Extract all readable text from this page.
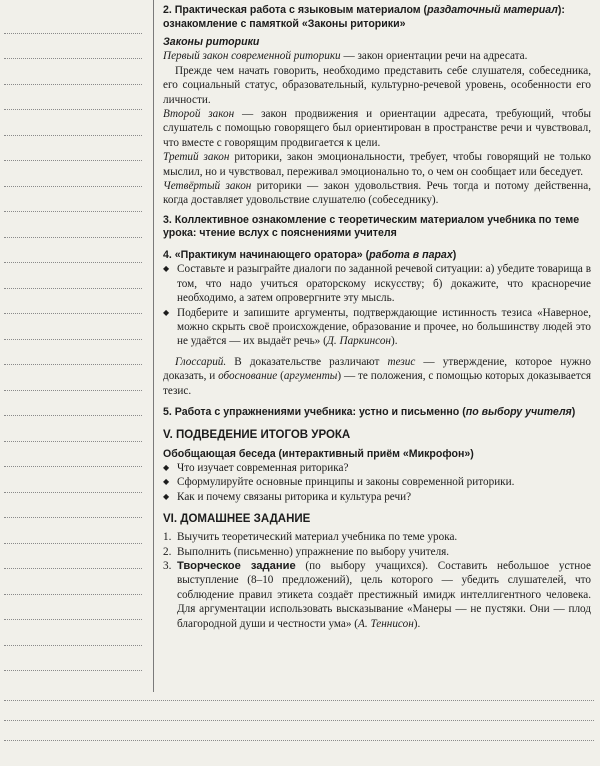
2. Практическая работа с языковым материалом (раздаточный материал): ознакомление с памяткой «Законы риторики»
Законы риторики

Первый закон современной риторики — закон ориентации речи на адресата.

Прежде чем начать говорить, необходимо представить себе слушателя, собеседника, его социальный статус, образовательный, культурно-речевой уровень, особенности его личности.

Второй закон — закон продвижения и ориентации адресата, требующий, чтобы слушатель с помощью говорящего был ориентирован в пространстве речи и чувствовал, что вместе с говорящим продвигается к цели.

Третий закон риторики, закон эмоциональности, требует, чтобы говорящий не только мыслил, но и чувствовал, переживал эмоционально то, о чем он сообщает или беседует.

Четвёртый закон риторики — закон удовольствия. Речь тогда и потому действенна, когда доставляет удовольствие слушателю (собеседнику).

3. Коллективное ознакомление с теоретическим материалом учебника по теме урока: чтение вслух с пояснениями учителя
4. «Практикум начинающего оратора» (работа в парах)
◆ Составьте и разыграйте диалоги по заданной речевой ситуации: а) убедите товарища в том, что надо учиться ораторскому искусству; б) докажите, что красноречие необходимо, а затем опровергните эту мысль.
◆ Подберите и запишите аргументы, подтверждающие истинность тезиса «Наверное, можно скрыть своё происхождение, образование и прочее, но большинству людей это не удаётся — их выдаёт речь» (Д. Паркинсон).

Глоссарий. В доказательстве различают тезис — утверждение, которое нужно доказать, и обоснование (аргументы) — те положения, с помощью которых доказывается тезис.

5. Работа с упражнениями учебника: устно и письменно (по выбору учителя)
V. ПОДВЕДЕНИЕ ИТОГОВ УРОКА
Обобщающая беседа (интерактивный приём «Микрофон»)
◆ Что изучает современная риторика?
◆ Сформулируйте основные принципы и законы современной риторики.
◆ Как и почему связаны риторика и культура речи?
VI. ДОМАШНЕЕ ЗАДАНИЕ
1. Выучить теоретический материал учебника по теме урока.
2. Выполнить (письменно) упражнение по выбору учителя.
3. Творческое задание (по выбору учащихся). Составить небольшое устное выступление (8–10 предложений), цель которого — убедить слушателей, что соблюдение правил этикета создаёт престижный имидж интеллигентного человека. Для аргументации использовать высказывание «Манеры — не пустяки. Они — плод благородной души и честности ума» (А. Теннисон).
